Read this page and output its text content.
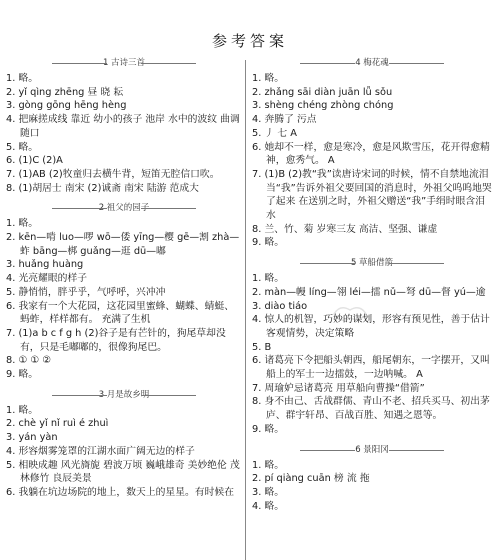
参考答案
1 古诗三首
1. 略。
2. yǐ qìng zhēng 昼 晓 耘
3. gòng gōng hēng hèng
4. 把麻搓成线 靠近 幼小的孩子 池岸 水中的波纹 曲调 随口
5. 略。
6. (1)C (2)A
7. (1)AB (2)牧童归去横牛背，短笛无腔信口吹。
8. (1)胡居士 南宋 (2)诚斋 南宋 陆游 范成大
2 祖父的园子
1. 略。
2. kēn—啃 luo—啰 wō—倭 yīng—樱 gē—割 zhà—蚱 bāng—梆 guǎng—逛 dū—嘟
3. huǎng huàng
4. 光亮耀眼的样子
5. 静悄悄，胖乎乎，气呼呼，兴冲冲
6. 我家有一个大花园，这花园里蜜蜂、蝴蝶、蜻蜓、蚂蚱，样样都有。 充满了生机
7. (1)a b c f g h (2)谷子是有芒针的，狗尾草却没有，只是毛嘟嘟的，很像狗尾巴。
8. ① ① ②
9. 略。
3 月是故乡明
1. 略。
2. chè yǐ nǐ ruì é zhuì
3. yán yàn
4. 形容烟雾笼罩的江湖水面广阔无边的样子
5. 相映成趣 风光旖旎 碧波万顷 巍峨雄奇 美妙绝伦 茂林修竹 良辰美景
6. 我躺在坑边场院的地上，数天上的星星。有时候在
4 梅花魂
1. 略。
2. zhǎng sāi diàn juān lǚ sǒu
3. shèng chéng zhòng chóng
4. 奔腾了 污点
5. 丿 七 A
6. 她却不一样，愈是寒冷，愈是风欺雪压，花开得愈精神，愈秀气。 A
7. (1)B (2)教“我”读唐诗宋词的时候，情不自禁地流泪 当“我”告诉外祖父要回国的消息时，外祖父呜呜地哭了起来 在送别之时，外祖父赠送“我”手绢时眼含泪水
8. 兰、竹、菊 岁寒三友 高洁、坚强、谦虚
9. 略。
5 草船借箭
1. 略。
2. màn—幔 líng—翎 léi—擂 nǔ—弩 dū—督 yú—逾
3. diào tiáo
4. 惊人的机智，巧妙的谋划，形容有预见性，善于估计客观情势，决定策略
5. B
6. 诸葛亮下令把船头朝西，船尾朝东，一字摆开，又叫船上的军士一边擂鼓，一边呐喊。 A
7. 周瑜妒忌诸葛亮 用草船向曹操“借箭”
8. 身不由己、舌战群儒、青山不老、招兵买马、初出茅庐、群宇轩昂、百战百胜、知遇之恩等。
9. 略。
6 景阳冈
1. 略。
2. pí qiàng cuān 榜 流 拖
3. 略。
4. 略。
